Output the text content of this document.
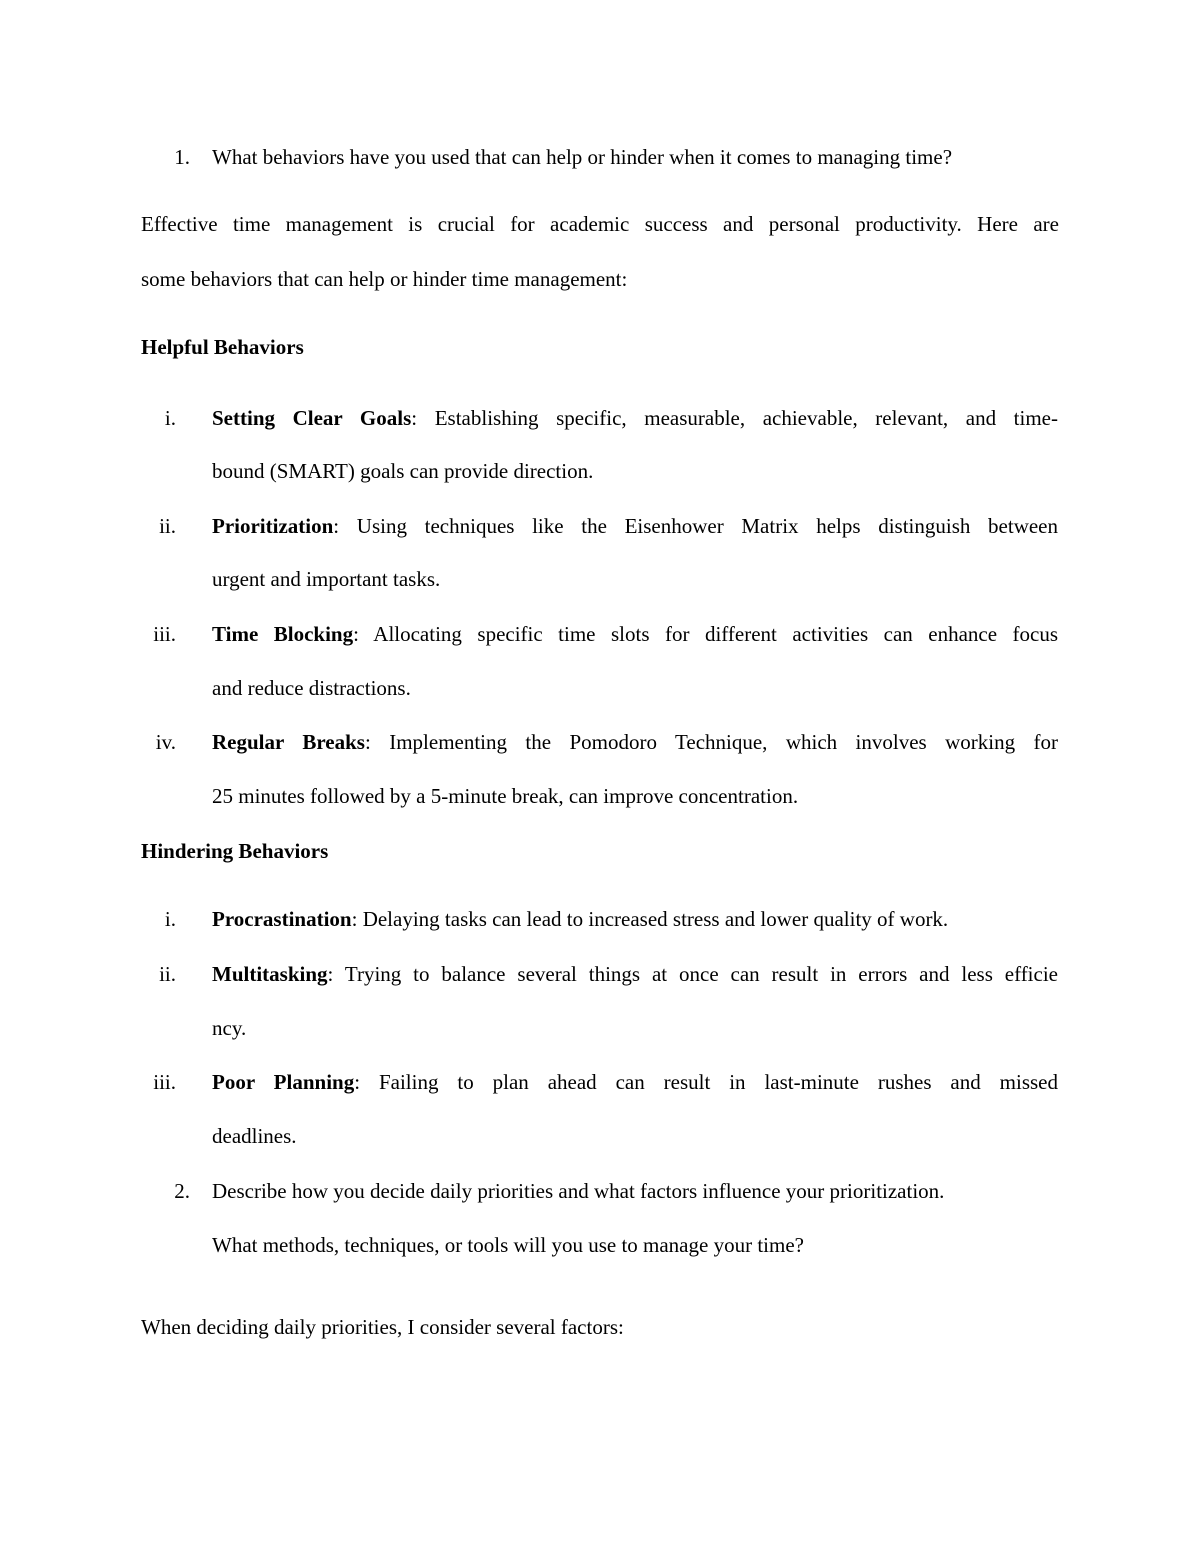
1. What behaviors have you used that can help or hinder when it comes to managing time?
Effective time management is crucial for academic success and personal productivity. Here are
some behaviors that can help or hinder time management:
Helpful Behaviors
i. Setting Clear Goals: Establishing specific, measurable, achievable, relevant, and time-
bound (SMART) goals can provide direction.
ii. Prioritization: Using techniques like the Eisenhower Matrix helps distinguish between
urgent and important tasks.
iii. Time Blocking: Allocating specific time slots for different activities can enhance focus
and reduce distractions.
iv. Regular Breaks: Implementing the Pomodoro Technique, which involves working for
25 minutes followed by a 5-minute break, can improve concentration.
Hindering Behaviors
i. Procrastination: Delaying tasks can lead to increased stress and lower quality of work.
ii. Multitasking: Trying to balance several things at once can result in errors and less efficie
ncy.
iii. Poor Planning: Failing to plan ahead can result in last-minute rushes and missed
deadlines.
2. Describe how you decide daily priorities and what factors influence your prioritization.
What methods, techniques, or tools will you use to manage your time?
When deciding daily priorities, I consider several factors:
